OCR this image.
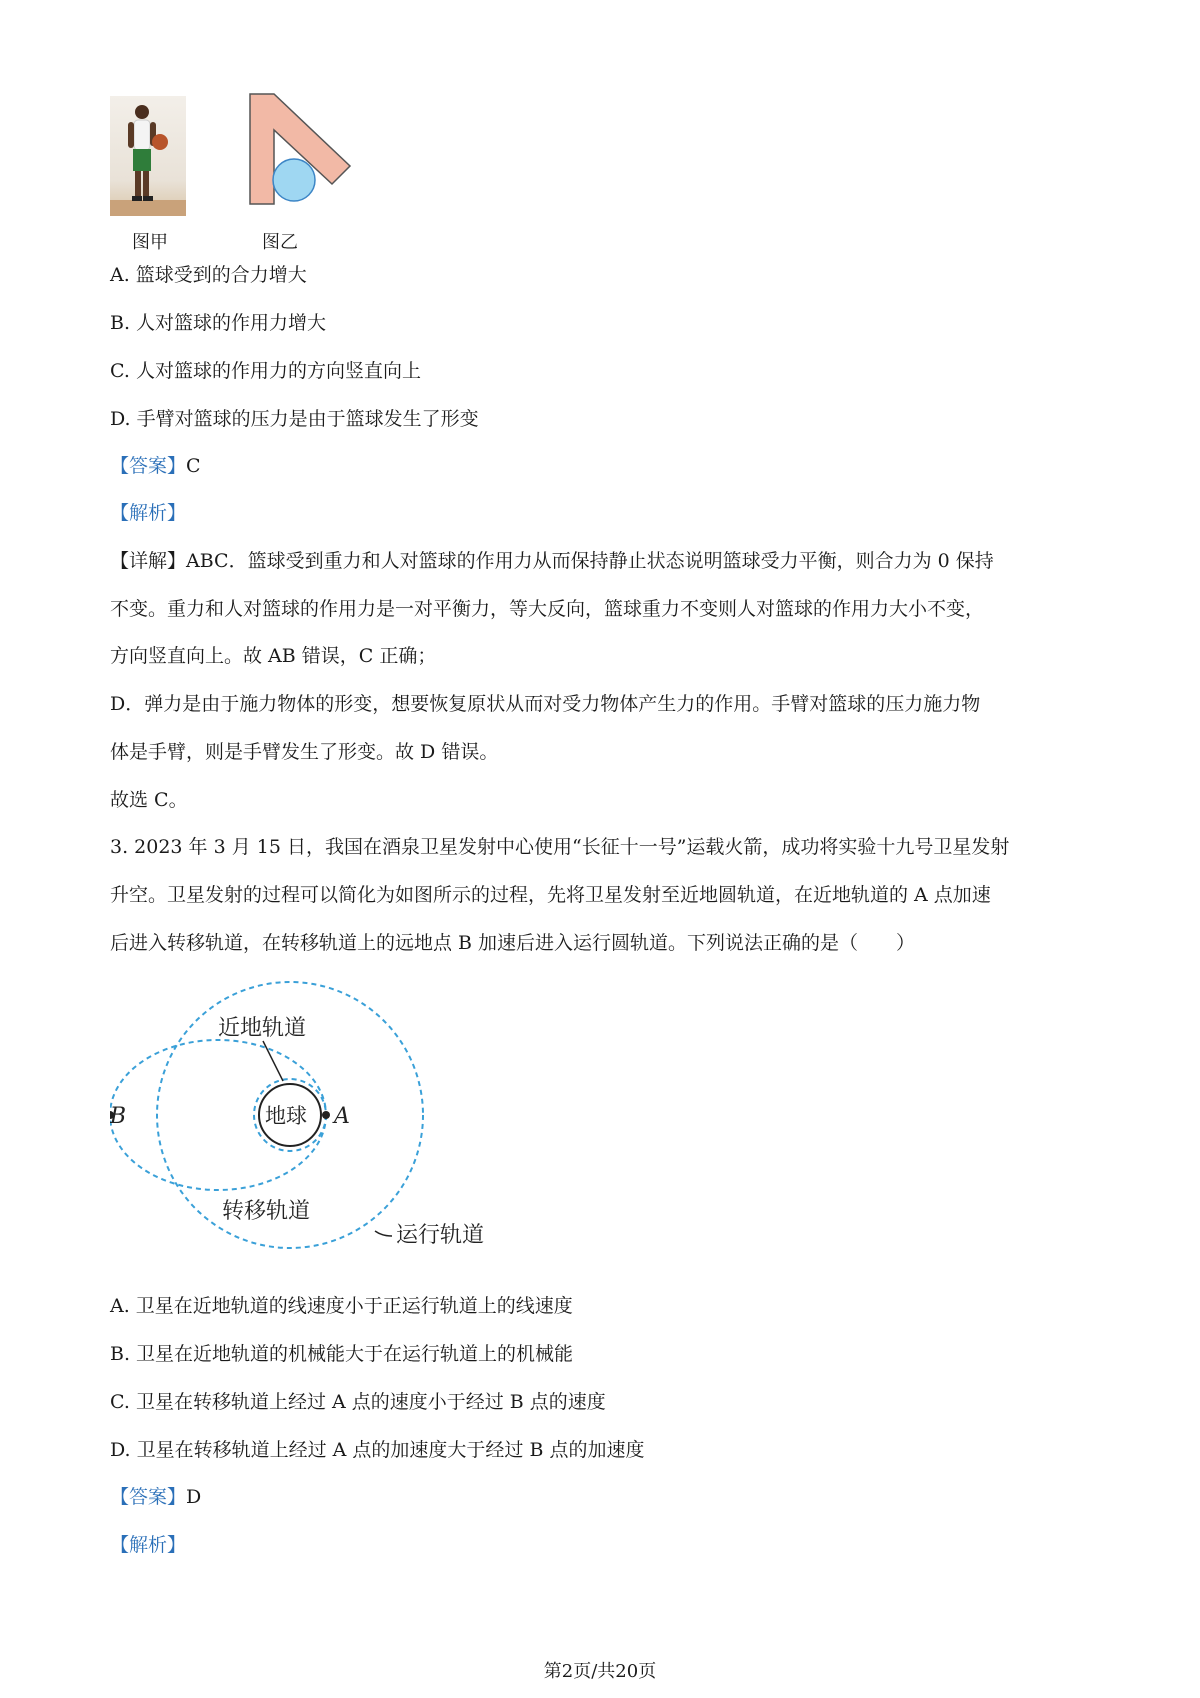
图甲	图乙
A. 篮球受到的合力增大
B. 人对篮球的作用力增大
C. 人对篮球的作用力的方向竖直向上
D. 手臂对篮球的压力是由于篮球发生了形变
【答案】C
【解析】
【详解】ABC．篮球受到重力和人对篮球的作用力从而保持静止状态说明篮球受力平衡，则合力为 0 保持
不变。重力和人对篮球的作用力是一对平衡力，等大反向，篮球重力不变则人对篮球的作用力大小不变，
方向竖直向上。故 AB 错误，C 正确；
D．弹力是由于施力物体的形变，想要恢复原状从而对受力物体产生力的作用。手臂对篮球的压力施力物
体是手臂，则是手臂发生了形变。故 D 错误。
故选 C。
3. 2023 年 3 月 15 日，我国在酒泉卫星发射中心使用“长征十一号”运载火箭，成功将实验十九号卫星发射
升空。卫星发射的过程可以简化为如图所示的过程，先将卫星发射至近地圆轨道，在近地轨道的 A 点加速
后进入转移轨道，在转移轨道上的远地点 B 加速后进入运行圆轨道。下列说法正确的是（　　）
近地轨道
地球 A
B
转移轨道
运行轨道
A. 卫星在近地轨道的线速度小于正运行轨道上的线速度
B. 卫星在近地轨道的机械能大于在运行轨道上的机械能
C. 卫星在转移轨道上经过 A 点的速度小于经过 B 点的速度
D. 卫星在转移轨道上经过 A 点的加速度大于经过 B 点的加速度
【答案】D
【解析】
第2页/共20页
